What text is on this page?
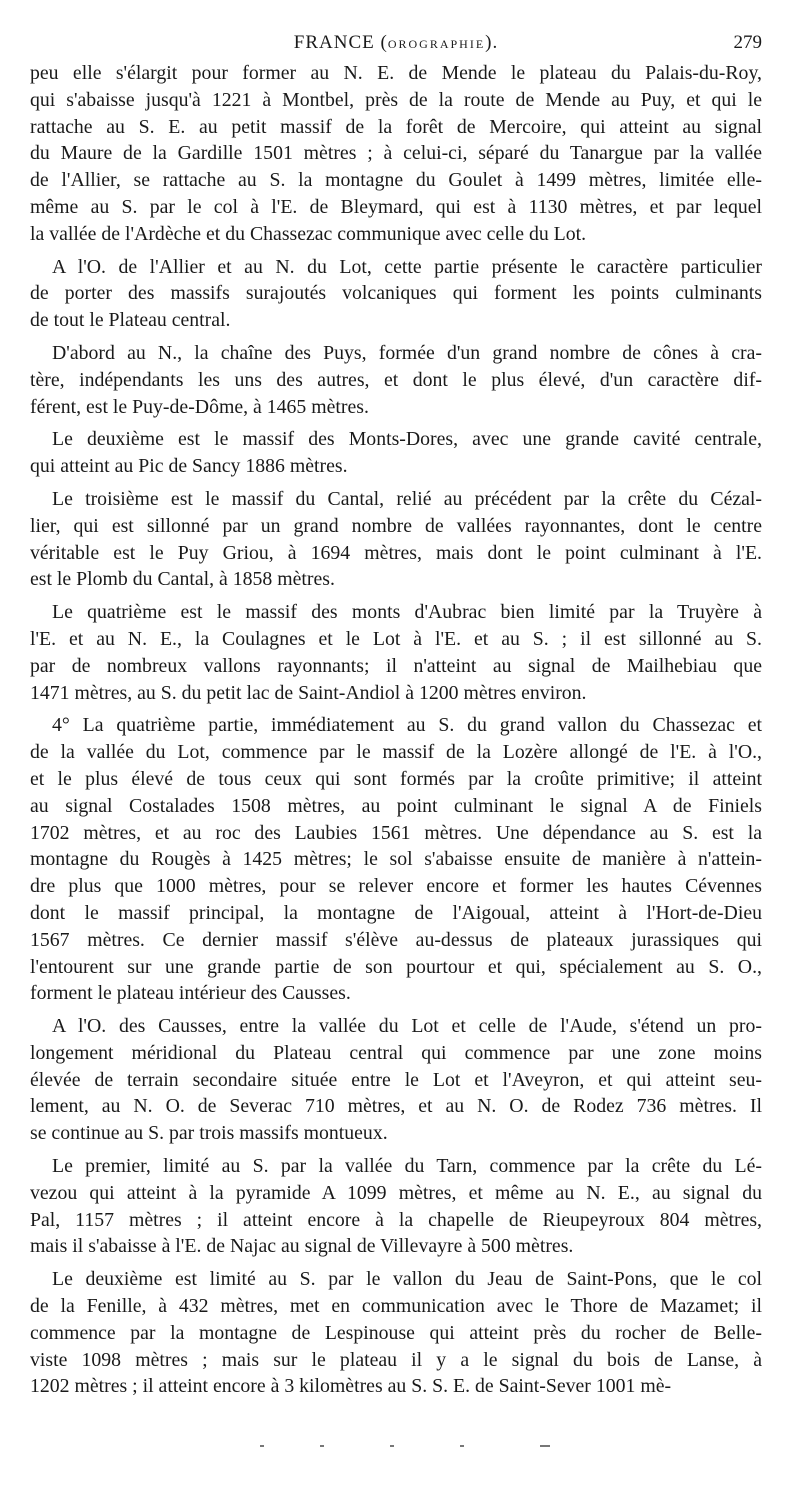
FRANCE (OROGRAPHIE).	279
peu elle s'élargit pour former au N. E. de Mende le plateau du Palais-du-Roy,
qui s'abaisse jusqu'à 1221 à Montbel, près de la route de Mende au Puy, et qui le
rattache au S. E. au petit massif de la forêt de Mercoire, qui atteint au signal
du Maure de la Gardille 1501 mètres ; à celui-ci, séparé du Tanargue par la vallée
de l'Allier, se rattache au S. la montagne du Goulet à 1499 mètres, limitée elle-
même au S. par le col à l'E. de Bleymard, qui est à 1130 mètres, et par lequel
la vallée de l'Ardèche et du Chassezac communique avec celle du Lot.
A l'O. de l'Allier et au N. du Lot, cette partie présente le caractère particulier
de porter des massifs surajoutés volcaniques qui forment les points culminants
de tout le Plateau central.
D'abord au N., la chaîne des Puys, formée d'un grand nombre de cônes à cra-
tère, indépendants les uns des autres, et dont le plus élevé, d'un caractère dif-
férent, est le Puy-de-Dôme, à 1465 mètres.
Le deuxième est le massif des Monts-Dores, avec une grande cavité centrale,
qui atteint au Pic de Sancy 1886 mètres.
Le troisième est le massif du Cantal, relié au précédent par la crête du Cézal-
lier, qui est sillonné par un grand nombre de vallées rayonnantes, dont le centre
véritable est le Puy Griou, à 1694 mètres, mais dont le point culminant à l'E.
est le Plomb du Cantal, à 1858 mètres.
Le quatrième est le massif des monts d'Aubrac bien limité par la Truyère à
l'E. et au N. E., la Coulagnes et le Lot à l'E. et au S. ; il est sillonné au S.
par de nombreux vallons rayonnants; il n'atteint au signal de Mailhebiau que
1471 mètres, au S. du petit lac de Saint-Andiol à 1200 mètres environ.
4° La quatrième partie, immédiatement au S. du grand vallon du Chassezac et
de la vallée du Lot, commence par le massif de la Lozère allongé de l'E. à l'O.,
et le plus élevé de tous ceux qui sont formés par la croûte primitive; il atteint
au signal Costalades 1508 mètres, au point culminant le signal A de Finiels
1702 mètres, et au roc des Laubies 1561 mètres. Une dépendance au S. est la
montagne du Rougès à 1425 mètres; le sol s'abaisse ensuite de manière à n'attein-
dre plus que 1000 mètres, pour se relever encore et former les hautes Cévennes
dont le massif principal, la montagne de l'Aigoual, atteint à l'Hort-de-Dieu
1567 mètres. Ce dernier massif s'élève au-dessus de plateaux jurassiques qui
l'entourent sur une grande partie de son pourtour et qui, spécialement au S. O.,
forment le plateau intérieur des Causses.
A l'O. des Causses, entre la vallée du Lot et celle de l'Aude, s'étend un pro-
longement méridional du Plateau central qui commence par une zone moins
élevée de terrain secondaire située entre le Lot et l'Aveyron, et qui atteint seu-
lement, au N. O. de Severac 710 mètres, et au N. O. de Rodez 736 mètres. Il
se continue au S. par trois massifs montueux.
Le premier, limité au S. par la vallée du Tarn, commence par la crête du Lé-
vezou qui atteint à la pyramide A 1099 mètres, et même au N. E., au signal du
Pal, 1157 mètres ; il atteint encore à la chapelle de Rieupeyroux 804 mètres,
mais il s'abaisse à l'E. de Najac au signal de Villevayre à 500 mètres.
Le deuxième est limité au S. par le vallon du Jeau de Saint-Pons, que le col
de la Fenille, à 432 mètres, met en communication avec le Thore de Mazamet; il
commence par la montagne de Lespinouse qui atteint près du rocher de Belle-
viste 1098 mètres ; mais sur le plateau il y a le signal du bois de Lanse, à
1202 mètres ; il atteint encore à 3 kilomètres au S. S. E. de Saint-Sever 1001 mè-
